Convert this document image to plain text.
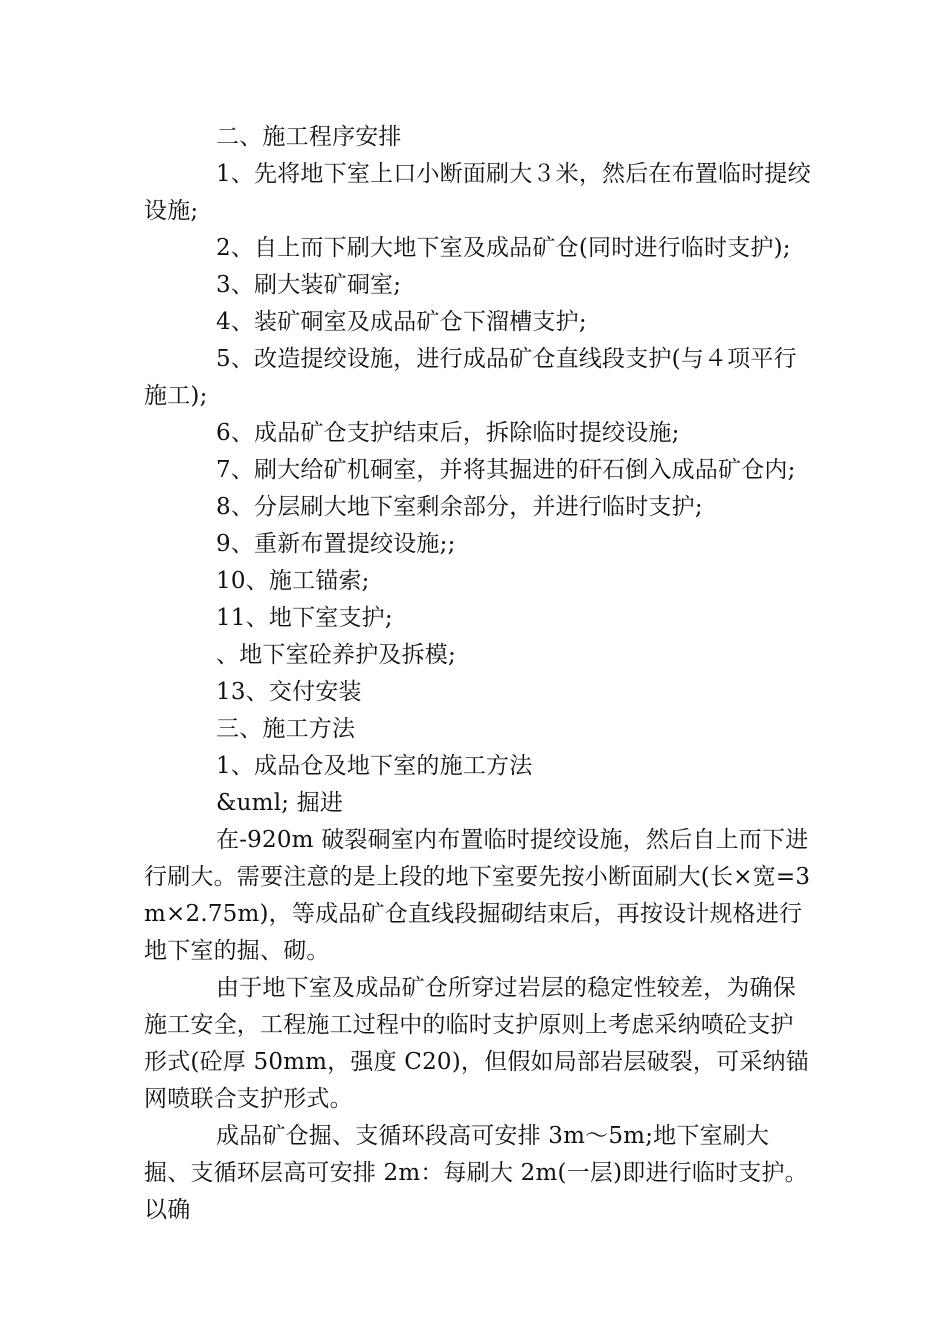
二、施工程序安排

1、先将地下室上口小断面刷大３米，然后在布置临时提绞设施;

2、自上而下刷大地下室及成品矿仓(同时进行临时支护);

3、刷大装矿硐室;

4、装矿硐室及成品矿仓下溜槽支护;

5、改造提绞设施，进行成品矿仓直线段支护(与４项平行施工);

6、成品矿仓支护结束后，拆除临时提绞设施;

7、刷大给矿机硐室，并将其掘进的矸石倒入成品矿仓内;

8、分层刷大地下室剩余部分，并进行临时支护;

9、重新布置提绞设施;;

10、施工锚索;

11、地下室支护;

、地下室砼养护及拆模;

13、交付安装

三、施工方法

1、成品仓及地下室的施工方法

&uml; 掘进

在-920m 破裂硐室内布置临时提绞设施，然后自上而下进行刷大。需要注意的是上段的地下室要先按小断面刷大(长×宽=3m×2.75m)，等成品矿仓直线段掘砌结束后，再按设计规格进行地下室的掘、砌。

由于地下室及成品矿仓所穿过岩层的稳定性较差，为确保施工安全，工程施工过程中的临时支护原则上考虑采纳喷砼支护形式(砼厚 50mm，强度 C20)，但假如局部岩层破裂，可采纳锚网喷联合支护形式。

成品矿仓掘、支循环段高可安排 3m～5m;地下室刷大掘、支循环层高可安排 2m：每刷大 2m(一层)即进行临时支护。以确
